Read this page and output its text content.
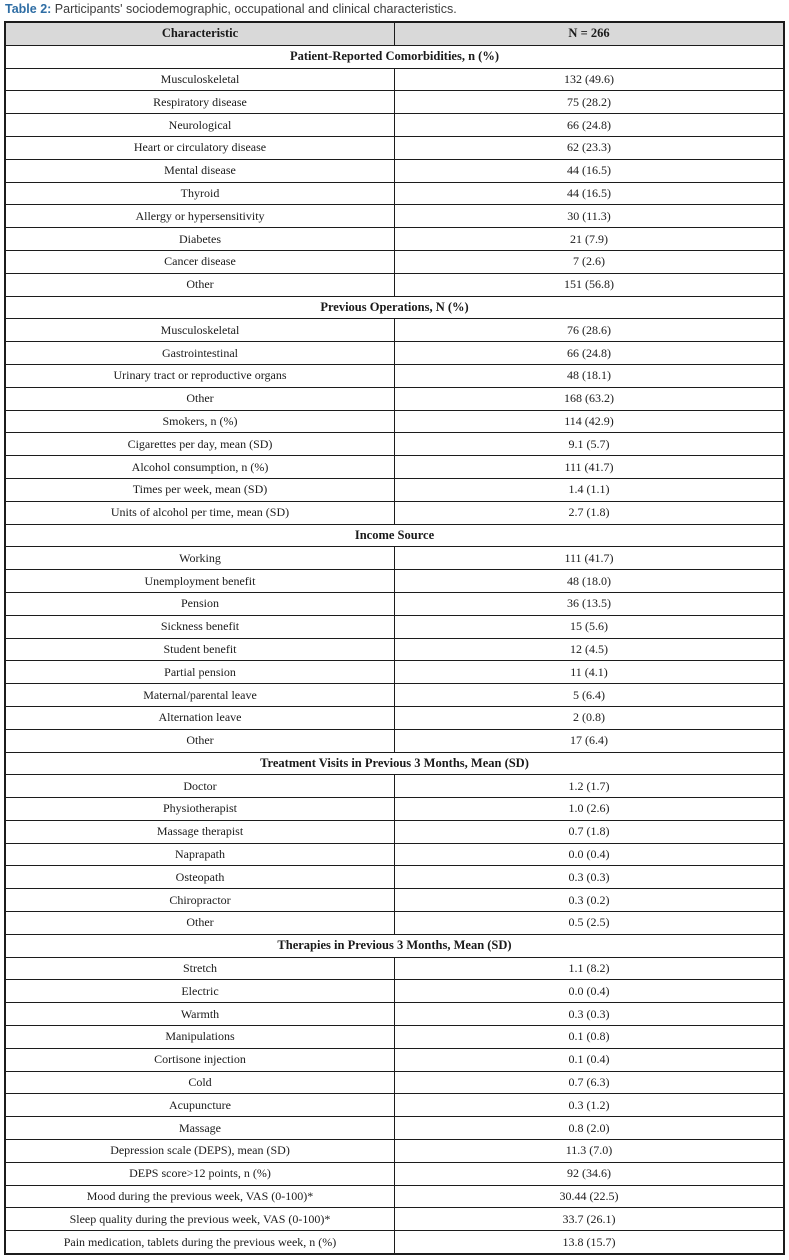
Table 2: Participants' sociodemographic, occupational and clinical characteristics.

Characteristic	N = 266
Patient-Reported Comorbidities, n (%)	
Musculoskeletal	132 (49.6)
Respiratory disease	75 (28.2)
Neurological	66 (24.8)
Heart or circulatory disease	62 (23.3)
Mental disease	44 (16.5)
Thyroid	44 (16.5)
Allergy or hypersensitivity	30 (11.3)
Diabetes	21 (7.9)
Cancer disease	7 (2.6)
Other	151 (56.8)
Previous Operations, N (%)	
Musculoskeletal	76 (28.6)
Gastrointestinal	66 (24.8)
Urinary tract or reproductive organs	48 (18.1)
Other	168 (63.2)
Smokers, n (%)	114 (42.9)
Cigarettes per day, mean (SD)	9.1 (5.7)
Alcohol consumption, n (%)	111 (41.7)
Times per week, mean (SD)	1.4 (1.1)
Units of alcohol per time, mean (SD)	2.7 (1.8)
Income Source	
Working	111 (41.7)
Unemployment benefit	48 (18.0)
Pension	36 (13.5)
Sickness benefit	15 (5.6)
Student benefit	12 (4.5)
Partial pension	11 (4.1)
Maternal/parental leave	5 (6.4)
Alternation leave	2 (0.8)
Other	17 (6.4)
Treatment Visits in Previous 3 Months, Mean (SD)	
Doctor	1.2 (1.7)
Physiotherapist	1.0 (2.6)
Massage therapist	0.7 (1.8)
Naprapath	0.0 (0.4)
Osteopath	0.3 (0.3)
Chiropractor	0.3 (0.2)
Other	0.5 (2.5)
Therapies in Previous 3 Months, Mean (SD)	
Stretch	1.1 (8.2)
Electric	0.0 (0.4)
Warmth	0.3 (0.3)
Manipulations	0.1 (0.8)
Cortisone injection	0.1 (0.4)
Cold	0.7 (6.3)
Acupuncture	0.3 (1.2)
Massage	0.8 (2.0)
Depression scale (DEPS), mean (SD)	11.3 (7.0)
DEPS score>12 points, n (%)	92 (34.6)
Mood during the previous week, VAS (0-100)*	30.44 (22.5)
Sleep quality during the previous week, VAS (0-100)*	33.7 (26.1)
Pain medication, tablets during the previous week, n (%)	13.8 (15.7)
